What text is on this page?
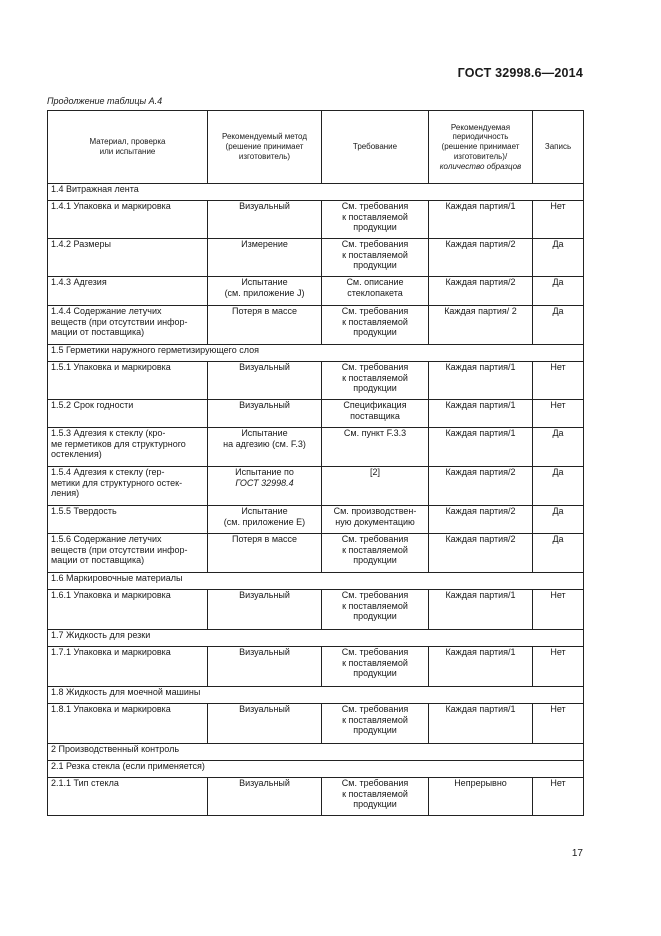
ГОСТ 32998.6—2014
Продолжение таблицы А.4
Материал, проверка
или испытание	Рекомендуемый метод
(решение принимает
изготовитель)	Требование	Рекомендуемая
периодичность
(решение принимает
изготовитель)/
количество образцов	Запись
1.4 Витражная лента				
1.4.1 Упаковка и маркировка	Визуальный	См. требования
к поставляемой
продукции	Каждая партия/1	Нет
1.4.2 Размеры	Измерение	См. требования
к поставляемой
продукции	Каждая партия/2	Да
1.4.3 Адгезия	Испытание
(см. приложение J)	См. описание
стеклопакета	Каждая партия/2	Да
1.4.4 Содержание летучих
веществ (при отсутствии инфор-
мации от поставщика)	Потеря в массе	См. требования
к поставляемой
продукции	Каждая партия/ 2	Да
1.5 Герметики наружного герметизирующего слоя				
1.5.1 Упаковка и маркировка	Визуальный	См. требования
к поставляемой
продукции	Каждая партия/1	Нет
1.5.2 Срок годности	Визуальный	Спецификация
поставщика	Каждая партия/1	Нет
1.5.3 Адгезия к стеклу (кро-
ме герметиков для структурного
остекления)	Испытание
на адгезию (см. F.3)	См. пункт F.3.3	Каждая партия/1	Да
1.5.4 Адгезия к стеклу (гер-
метики для структурного остек-
ления)	Испытание по
ГОСТ 32998.4	[2]	Каждая партия/2	Да
1.5.5 Твердость	Испытание
(см. приложение Е)	См. производствен-
ную документацию	Каждая партия/2	Да
1.5.6 Содержание летучих
веществ (при отсутствии инфор-
мации от поставщика)	Потеря в массе	См. требования
к поставляемой
продукции	Каждая партия/2	Да
1.6 Маркировочные материалы				
1.6.1 Упаковка и маркировка	Визуальный	См. требования
к поставляемой
продукции	Каждая партия/1	Нет
1.7 Жидкость для резки				
1.7.1 Упаковка и маркировка	Визуальный	См. требования
к поставляемой
продукции	Каждая партия/1	Нет
1.8 Жидкость для моечной машины				
1.8.1 Упаковка и маркировка	Визуальный	См. требования
к поставляемой
продукции	Каждая партия/1	Нет
2 Производственный контроль				
2.1 Резка стекла (если применяется)				
2.1.1 Тип стекла	Визуальный	См. требования
к поставляемой
продукции	Непрерывно	Нет
17
